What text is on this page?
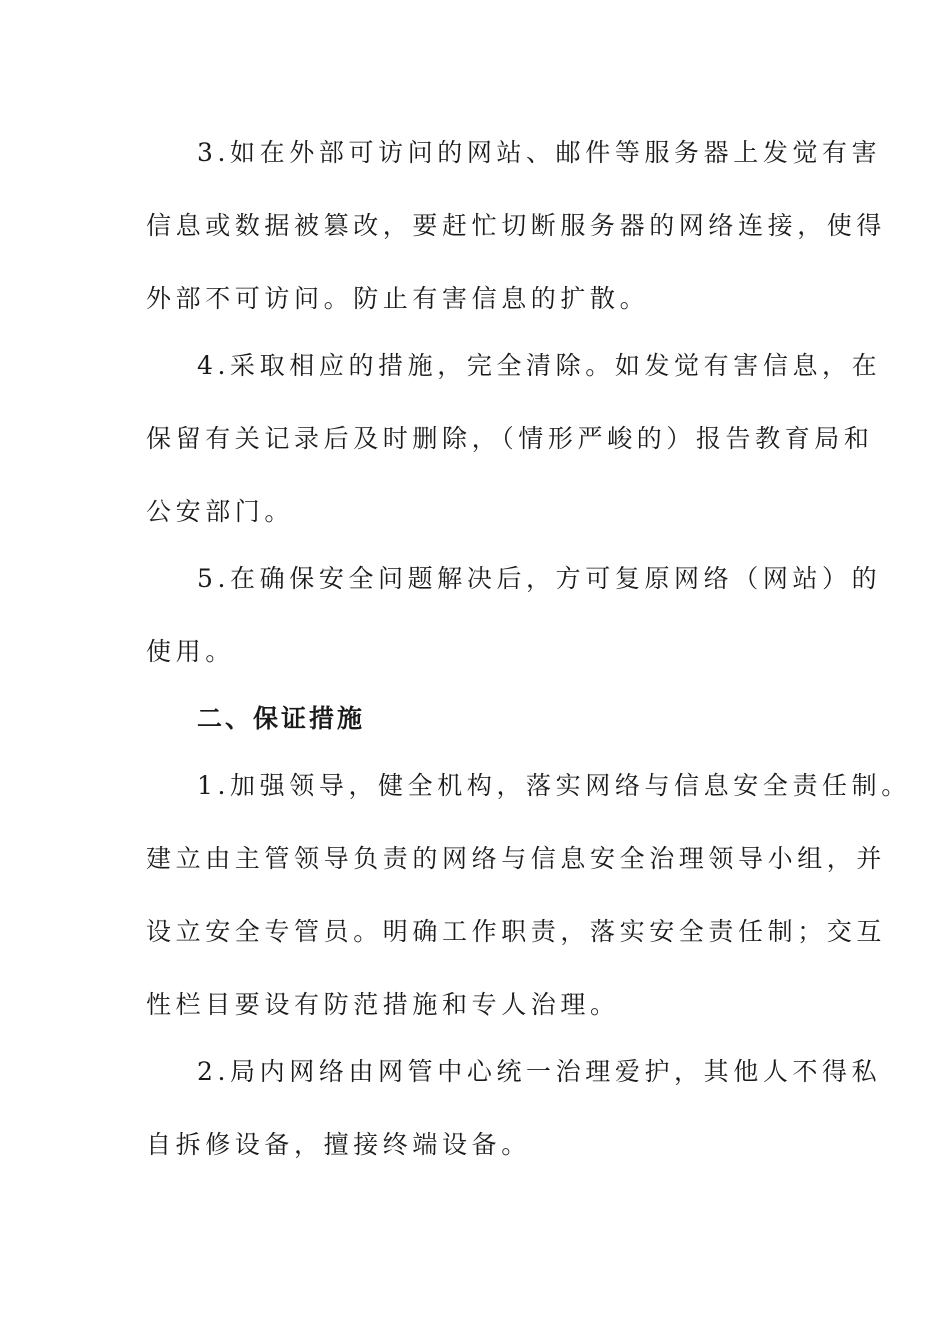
3.如在外部可访问的网站、邮件等服务器上发觉有害
信息或数据被篡改，要赶忙切断服务器的网络连接，使得
外部不可访问。防止有害信息的扩散。
4.采取相应的措施，完全清除。如发觉有害信息，在
保留有关记录后及时删除，（情形严峻的）报告教育局和
公安部门。
5.在确保安全问题解决后，方可复原网络（网站）的
使用。
二、保证措施
1.加强领导，健全机构，落实网络与信息安全责任制。
建立由主管领导负责的网络与信息安全治理领导小组，并
设立安全专管员。明确工作职责，落实安全责任制；交互
性栏目要设有防范措施和专人治理。
2.局内网络由网管中心统一治理爱护，其他人不得私
自拆修设备，擅接终端设备。
